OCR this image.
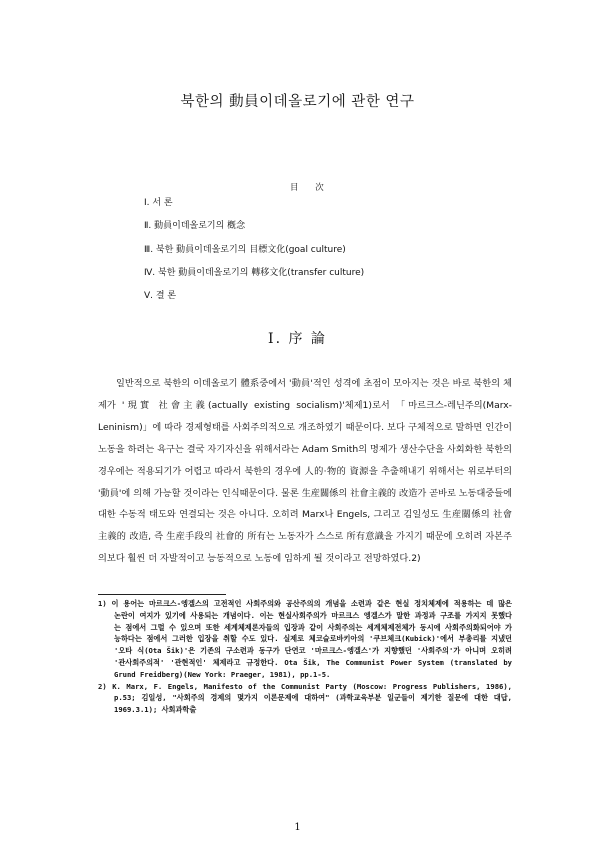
북한의 動員이데올로기에 관한 연구
目 次
Ⅰ. 서 론
Ⅱ. 動員이데올로기의 槪念
Ⅲ. 북한 動員이데올로기의 目標文化(goal culture)
Ⅳ. 북한 動員이데올로기의 轉移文化(transfer culture)
Ⅴ. 결 론
Ⅰ. 序 論

일반적으로 북한의 이데올로기 體系중에서 '動員'적인 성격에 초점이 모아지는 것은 바로 북한의 체제가 '現實 社會主義(actually existing socialism)'체제1)로서 「마르크스-레닌주의(Marx-Leninism)」에 따라 경제형태를 사회주의적으로 개조하였기 때문이다. 보다 구체적으로 말하면 인간이 노동을 하려는 욕구는 결국 자기자신을 위해서라는 Adam Smith의 명제가 생산수단을 사회화한 북한의 경우에는 적용되기가 어렵고 따라서 북한의 경우에 人的·物的 資源을 추출해내기 위해서는 위로부터의 '動員'에 의해 가능할 것이라는 인식때문이다. 물론 生産關係의 社會主義的 改造가 곧바로 노동대중들에 대한 수동적 태도와 연결되는 것은 아니다. 오히려 Marx나 Engels, 그리고 김일성도 生産關係의 社會主義的 改造, 즉 生産手段의 社會的 所有는 노동자가 스스로 所有意識을 가지기 때문에 오히려 자본주의보다 훨씬 더 자발적이고 능동적으로 노동에 임하게 될 것이라고 전망하였다.2)

1) 이 용어는 마르크스-엥겔스의 고전적인 사회주의와 공산주의의 개념을 소련과 같은 현실 정치체제에 적용하는 데 많은 논란이 여지가 있기에 사용되는 개념이다. 이는 현실사회주의가 마르크스 엥겔스가 말한 과정과 구조를 가지지 못했다는 점에서 그럴 수 있으며 또한 세계체제론자들의 입장과 같이 사회주의는 세계체제전체가 동시에 사회주의화되어야 가능하다는 점에서 그러한 입장을 취할 수도 있다. 실제로 체코슬로바키아의 '쿠브체크(Kubick)'에서 부총리를 지냈던 '오타 식(Ota Šik)'은 기존의 구소련과 동구가 단연코 '마르크스-엥겔스'가 지향했던 '사회주의'가 아니며 오히려 '관사회주의적' '관현적인' 체제라고 규정한다. Ota Šik, The Communist Power System (translated by Grund Freidberg)(New York: Praeger, 1981), pp.1-5.
2) K. Marx, F. Engels, Manifesto of the Communist Party (Moscow: Progress Publishers, 1986), p.53; 김일성, "사회주의 경제의 몇가지 이론문제에 대하여" (과학교육부분 일군들이 제기한 질문에 대한 대답, 1969.3.1); 사회과학출
1
